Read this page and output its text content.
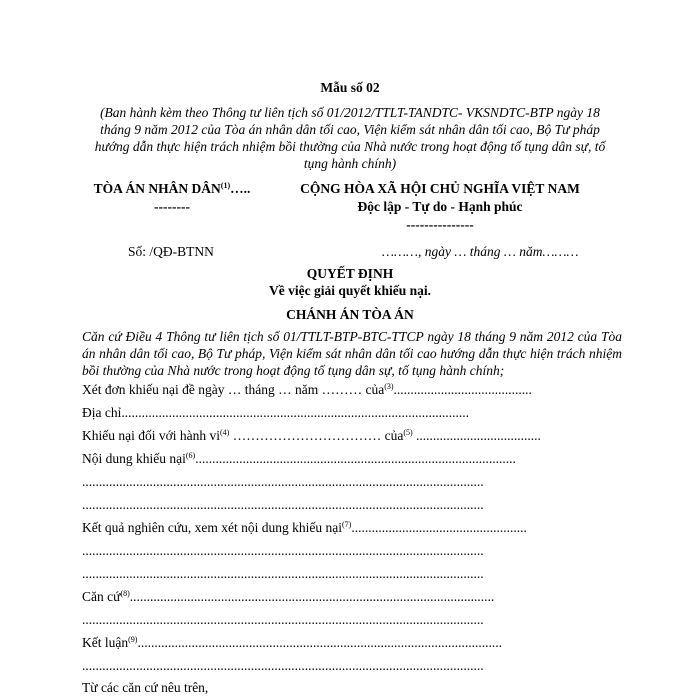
Mẫu số 02
(Ban hành kèm theo Thông tư liên tịch số 01/2012/TTLT-TANDTC- VKSNDTC-BTP ngày 18 tháng 9 năm 2012 của Tòa án nhân dân tối cao, Viện kiểm sát nhân dân tối cao, Bộ Tư pháp hướng dẫn thực hiện trách nhiệm bồi thường của Nhà nước trong hoạt động tố tụng dân sự, tố tụng hành chính)
TÒA ÁN NHÂN DÂN$^{(1)}$…..
--------
CỘNG HÒA XÃ HỘI CHỦ NGHĨA VIỆT NAM
Độc lập - Tự do - Hạnh phúc
---------------
Số: /QĐ-BTNN	………, ngày … tháng … năm………
QUYẾT ĐỊNH
Về việc giải quyết khiếu nại.
CHÁNH ÁN TÒA ÁN
Căn cứ Điều 4 Thông tư liên tịch số 01/TTLT-BTP-BTC-TTCP ngày 18 tháng 9 năm 2012 của Tòa án nhân dân tối cao, Bộ Tư pháp, Viện kiểm sát nhân dân tối cao hướng dẫn thực hiện trách nhiệm bồi thường của Nhà nước trong hoạt động tố tụng dân sự, tố tụng hành chính;
Xét đơn khiếu nại đề ngày … tháng … năm ……… của$^{(3)}$.........................................
Địa chỉ.......................................................................................................
Khiếu nại đối với hành $vi^{(4)}$ …………………………… của$^{(5)}$ .....................................
Nội dung khiếu nại$^{(6)}$...............................................................................................
.......................................................................................................................
.......................................................................................................................
Kết quả nghiên cứu, xem xét nội dung khiếu nại$^{(7)}$....................................................
.......................................................................................................................
.......................................................................................................................
Căn cứ$^{(8)}$............................................................................................................
.......................................................................................................................
Kết luận$^{(9)}$............................................................................................................
.......................................................................................................................
Từ các căn cứ nêu trên,
